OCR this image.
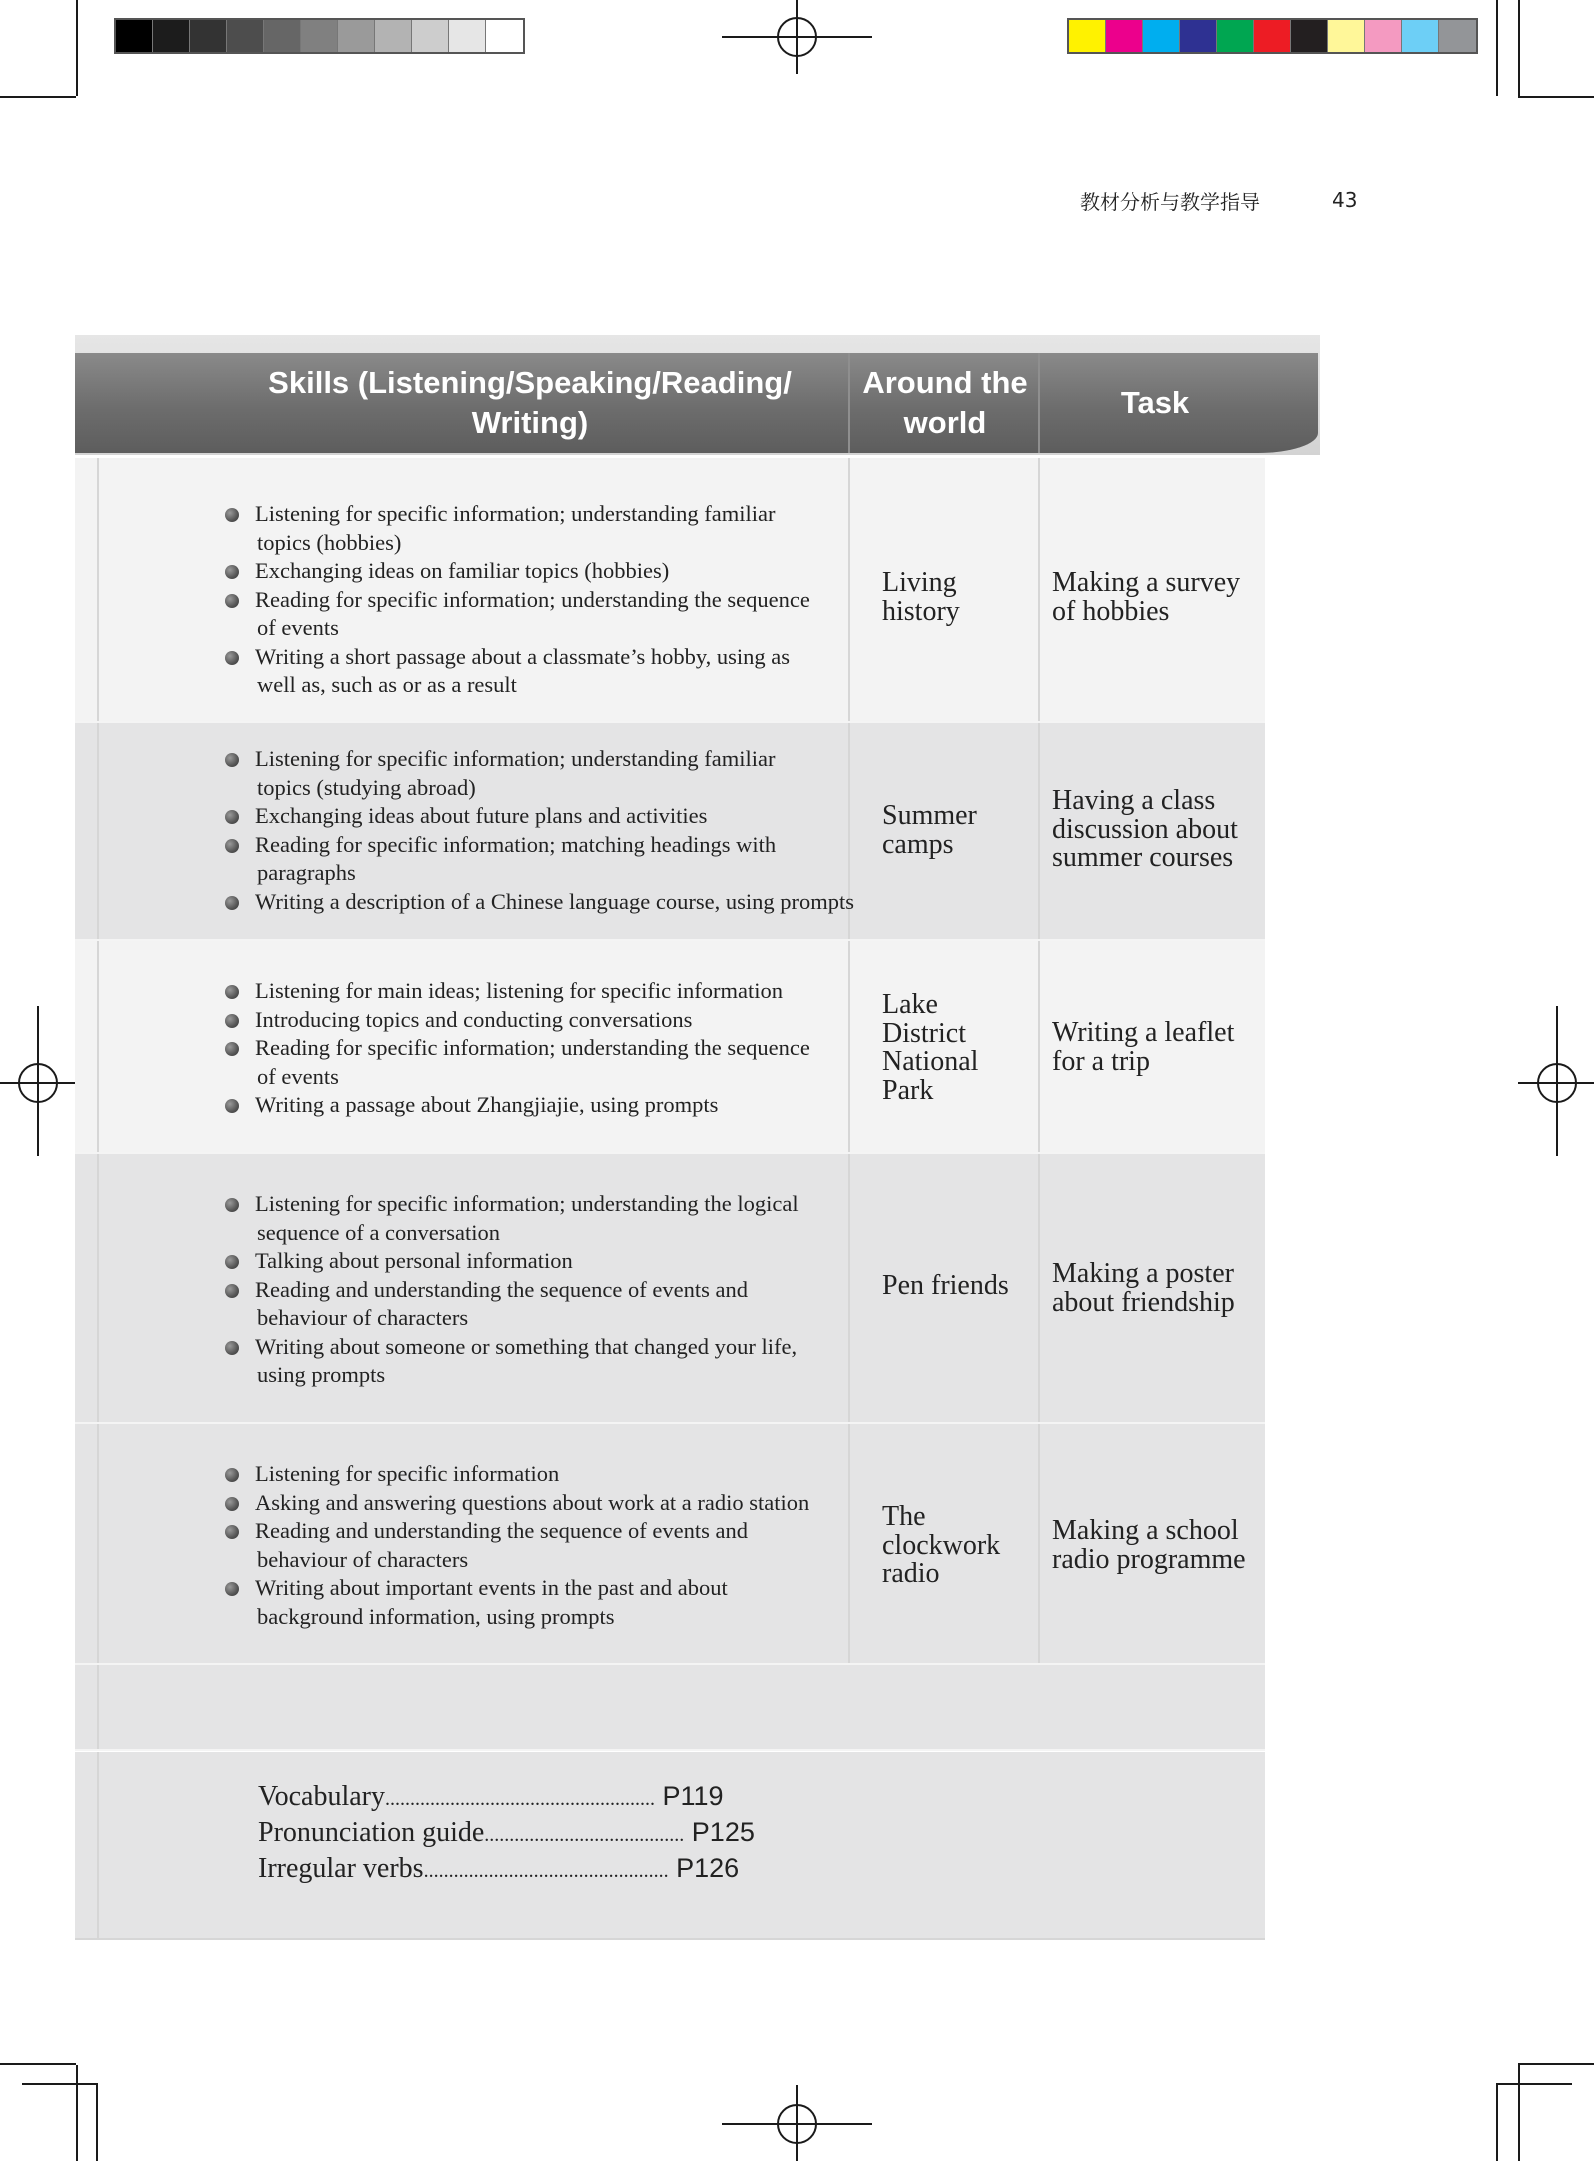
教材分析与教学指导	43
Skills (Listening/Speaking/Reading/
Writing)
Around the
world
Task
Listening for specific information; understanding familiar
topics (hobbies)
Exchanging ideas on familiar topics (hobbies)
Reading for specific information; understanding the sequence
of events
Writing a short passage about a classmate’s hobby, using as
well as, such as or as a result
Living
history
Making a survey
of hobbies
Listening for specific information; understanding familiar
topics (studying abroad)
Exchanging ideas about future plans and activities
Reading for specific information; matching headings with
paragraphs
Writing a description of a Chinese language course, using prompts
Summer
camps
Having a class
discussion about
summer courses
Listening for main ideas; listening for specific information
Introducing topics and conducting conversations
Reading for specific information; understanding the sequence
of events
Writing a passage about Zhangjiajie, using prompts
Lake
District
National
Park
Writing a leaflet
for a trip
Listening for specific information; understanding the logical
sequence of a conversation
Talking about personal information
Reading and understanding the sequence of events and
behaviour of characters
Writing about someone or something that changed your life,
using prompts
Pen friends Making a poster
about friendship
Listening for specific information
Asking and answering questions about work at a radio station
Reading and understanding the sequence of events and
behaviour of characters
Writing about important events in the past and about
background information, using prompts
The
clockwork
radio
Making a school
radio programme
Vocabulary...................................................... P119
Pronunciation guide........................................ P125
Irregular verbs................................................. P126
